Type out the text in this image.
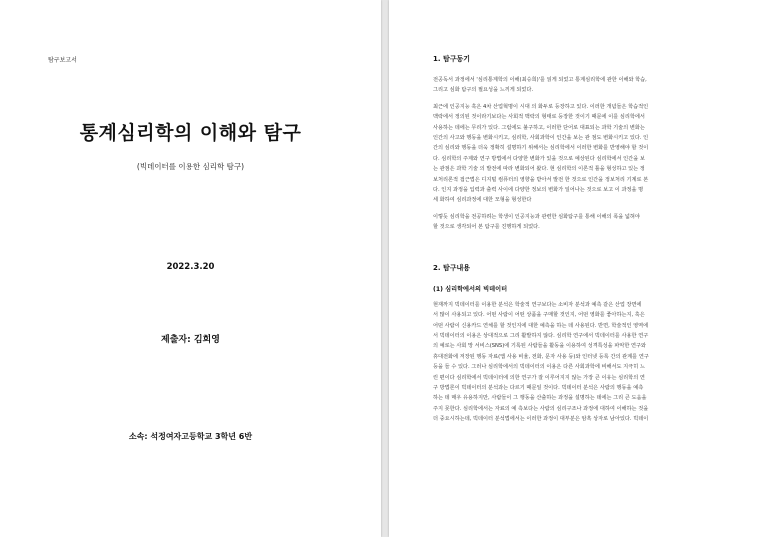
탐구보고서
통계심리학의 이해와 탐구
(빅데이터를 이용한 심리학 탐구)
2022.3.20
제출자: 김희영
소속: 석정여자고등학교 3학년 6반
1. 탐구동기
전공독서 과정에서 '심리통계학의 이해(최승희)'를 읽게 되었고 통계심리학에 관한 이해와 학습,
그리고 심화 탐구의 필요성을 느끼게 되었다.
최근에 인공지능 혹은 4차 산업혁명이 시대 의 화두로 등장하고 있다. 이러한 개념들은 학습적인
맥락에서 정의된 것이라기보다는 사회적 맥락의 형태로 등장한 것이기 때문에 이를 심리학에서
사용하는 데에는 무리가 있다. 그럼에도 불구하고, 이러한 단어로 대표되는 과학 기술의 변화는
인간의 사고와 행동을 변화시키고, 심리학, 사회과학이 인간을 보는 관 점도 변화시키고 있다. 인
간의 심리와 행동을 더욱 정확히 설명하기 위해서는 심리학에서 이러한 변화를 반영해야 할 것이
다. 심리학의 주제와 연구 방법에서 다양한 변화가 있을 것으로 예상된다 심리학에서 인간을 보
는 관점은 과학 기술 의 발전에 따라 변화되어 왔다. 현 심리학의 이론적 틀을 형성하고 있는 정
보처리론적 접근법은 디지털 컴퓨터의 영향을 받아서 발전 한 것으로 인간을 정보처리 기계로 본
다. 인지 과정을 입력과 출력 사이에 다양한 정보의 변화가 일어나는 것으로 보고 이 과정을 명
세 화하여 심리과정에 대한 모형을 형성한다
이렇듯 심리학을 전공하려는 학생이 인공지능과 관련한 심화탐구를 통해 이해의 폭을 넓혀야
할 것으로 생각되어 본 탐구를 진행하게 되었다.
2. 탐구내용
(1) 심리학에서의 빅데이터
현재까지 빅데이터를 이용한 분석은 학술적 연구보다는 소비자 분석과 예측 같은 산업 장면에
서 많이 사용되고 있다. 어떤 사람이 어떤 상품을 구매할 것인지, 어떤 영화를 좋아하는지, 혹은
어떤 사람이 신용카드 연체를 할 것인지에 대한 예측을 하는 데 사용된다. 반면, 학술적인 영역에
서 빅데이터의 이용은 상대적으로 그리 활발하지 않다. 심리학 연구에서 빅데이터를 사용한 연구
의 예로는 사회 망 서비스(SNS)에 기록된 사람들을 활동을 이용하여 성격특성을 파악한 연구와
휴대전화에 저장된 행동 자료(앱 사용 비율, 전화, 문자 사용 등)와 인터넷 등록 간의 관계를 연구
등을 들 수 있다. 그러나 심리학에서의 빅데이터의 이용은 다른 사회과학에 비해서도 지극히 느
린 편이다 심리학에서 빅데이터에 의한 연구가 잘 이루어지지 않는 가장 큰 이유는 심리학의 연
구 방법론이 빅데이터의 분석과는 다르기 때문일 것이다. 빅데이터 분석은 사람의 행동을 예측
하는 데 매우 유용하지만, 사람들이 그 행동을 산출하는 과정을 설명하는 데에는 그리 큰 도움을
주지 못한다. 심리학에서는 자료의 예 측보다는 사람의 심리구조나 과정에 대하여 이해하는 것을
더 중요시하는데, 빅데이터 분석법에서는 이러한 과정이 대부분은 암흑 상자로 남아있다. 빅데이
